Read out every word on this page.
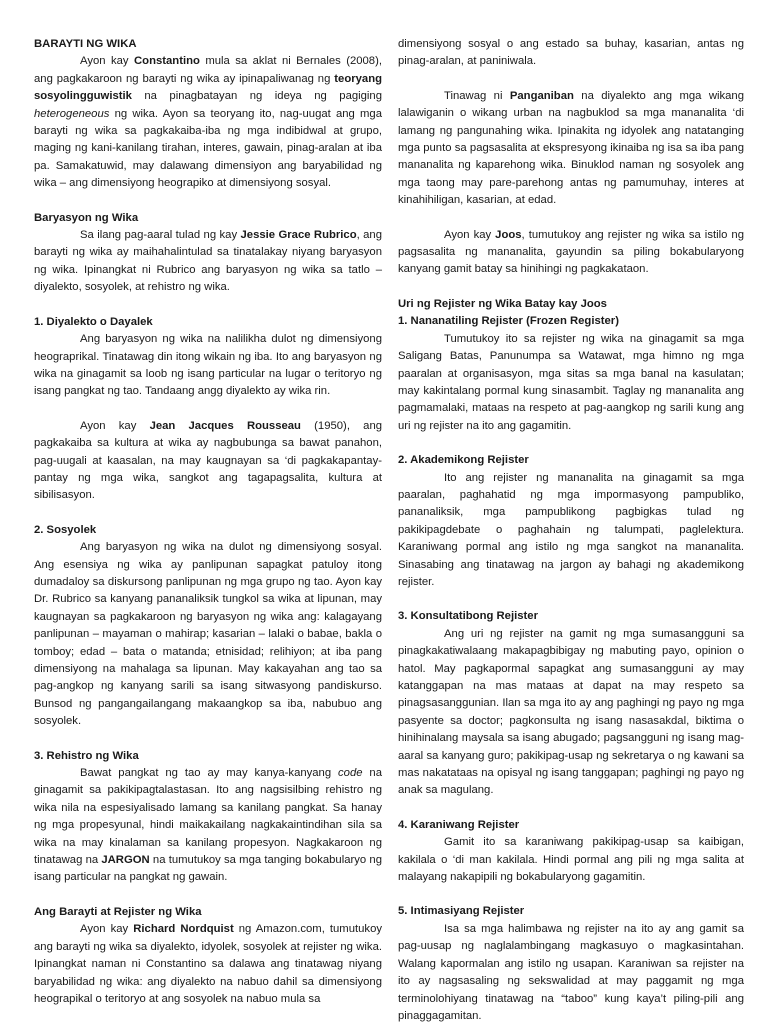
BARAYTI NG WIKA

Ayon kay Constantino mula sa aklat ni Bernales (2008), ang pagkakaroon ng barayti ng wika ay ipinapaliwanag ng teoryang sosyolingguwistik na pinagbatayan ng ideya ng pagiging heterogeneous ng wika. Ayon sa teoryang ito, nag-uugat ang mga barayti ng wika sa pagkakaiba-iba ng mga indibidwal at grupo, maging ng kani-kanilang tirahan, interes, gawain, pinag-aralan at iba pa. Samakatuwid, may dalawang dimensiyon ang baryabilidad ng wika – ang dimensiyong heograpiko at dimensiyong sosyal.

Baryasyon ng Wika

Sa ilang pag-aaral tulad ng kay Jessie Grace Rubrico, ang barayti ng wika ay maihahalintulad sa tinatalakay niyang baryasyon ng wika. Ipinangkat ni Rubrico ang baryasyon ng wika sa tatlo – diyalekto, sosyolek, at rehistro ng wika.

1. Diyalekto o Dayalek

Ang baryasyon ng wika na nalilikha dulot ng dimensiyong heograprikal. Tinatawag din itong wikain ng iba. Ito ang baryasyon ng wika na ginagamit sa loob ng isang particular na lugar o teritoryo ng isang pangkat ng tao. Tandaang angg diyalekto ay wika rin.

Ayon kay Jean Jacques Rousseau (1950), ang pagkakaiba sa kultura at wika ay nagbubunga sa bawat panahon, pag-uugali at kaasalan, na may kaugnayan sa ‘di pagkakapantay-pantay ng mga wika, sangkot ang tagapagsalita, kultura at sibilisasyon.

2. Sosyolek

Ang baryasyon ng wika na dulot ng dimensiyong sosyal. Ang esensiya ng wika ay panlipunan sapagkat patuloy itong dumadaloy sa diskursong panlipunan ng mga grupo ng tao. Ayon kay Dr. Rubrico sa kanyang pananaliksik tungkol sa wika at lipunan, may kaugnayan sa pagkakaroon ng baryasyon ng wika ang: kalagayang panlipunan – mayaman o mahirap; kasarian – lalaki o babae, bakla o tomboy; edad – bata o matanda; etnisidad; relihiyon; at iba pang dimensiyong na mahalaga sa lipunan. May kakayahan ang tao sa pag-angkop ng kanyang sarili sa isang sitwasyong pandiskurso. Bunsod ng pangangailangang makaangkop sa iba, nabubuo ang sosyolek.

3. Rehistro ng Wika

Bawat pangkat ng tao ay may kanya-kanyang code na ginagamit sa pakikipagtalastasan. Ito ang nagsisilbing rehistro ng wika nila na espesiyalisado lamang sa kanilang pangkat. Sa hanay ng mga propesyunal, hindi maikakailang nagkakaintindihan sila sa wika na may kinalaman sa kanilang propesyon. Nagkakaroon ng tinatawag na JARGON na tumutukoy sa mga tanging bokabularyo ng isang particular na pangkat ng gawain.

Ang Barayti at Rejister ng Wika

Ayon kay Richard Nordquist ng Amazon.com, tumutukoy ang barayti ng wika sa diyalekto, idyolek, sosyolek at rejister ng wika. Ipinangkat naman ni Constantino sa dalawa ang tinatawag niyang baryabilidad ng wika: ang diyalekto na nabuo dahil sa dimensiyong heograpikal o teritoryo at ang sosyolek na nabuo mula sa

dimensiyong sosyal o ang estado sa buhay, kasarian, antas ng pinag-aralan, at paniniwala.

Tinawag ni Panganiban na diyalekto ang mga wikang lalawiganin o wikang urban na nagbuklod sa mga mananalita ‘di lamang ng pangunahing wika. Ipinakita ng idyolek ang natatanging mga punto sa pagsasalita at ekspresyong ikinaiba ng isa sa iba pang mananalita ng kaparehong wika. Binuklod naman ng sosyolek ang mga taong may pare-parehong antas ng pamumuhay, interes at kinahihiligan, kasarian, at edad.

Ayon kay Joos, tumutukoy ang rejister ng wika sa istilo ng pagsasalita ng mananalita, gayundin sa piling bokabularyong kanyang gamit batay sa hinihingi ng pagkakataon.

Uri ng Rejister ng Wika Batay kay Joos
1. Nananatiling Rejister (Frozen Register)

Tumutukoy ito sa rejister ng wika na ginagamit sa mga Saligang Batas, Panunumpa sa Watawat, mga himno ng mga paaralan at organisasyon, mga sitas sa mga banal na kasulatan; may kakintalang pormal kung sinasambit. Taglay ng mananalita ang pagmamalaki, mataas na respeto at pag-aangkop ng sarili kung ang uri ng rejister na ito ang gagamitin.

2. Akademikong Rejister

Ito ang rejister ng mananalita na ginagamit sa mga paaralan, paghahatid ng mga impormasyong pampubliko, pananaliksik, mga pampublikong pagbigkas tulad ng pakikipagdebate o paghahain ng talumpati, paglelektura. Karaniwang pormal ang istilo ng mga sangkot na mananalita. Sinasabing ang tinatawag na jargon ay bahagi ng akademikong rejister.

3. Konsultatibong Rejister

Ang uri ng rejister na gamit ng mga sumasangguni sa pinagkakatiwalaang makapagbibigay ng mabuting payo, opinion o hatol. May pagkapormal sapagkat ang sumasangguni ay may katanggapan na mas mataas at dapat na may respeto sa pinagsasanggunian. Ilan sa mga ito ay ang paghingi ng payo ng mga pasyente sa doctor; pagkonsulta ng isang nasasakdal, biktima o hinihinalang maysala sa isang abugado; pagsangguni ng isang mag-aaral sa kanyang guro; pakikipag-usap ng sekretarya o ng kawani sa mas nakatataas na opisyal ng isang tanggapan; paghingi ng payo ng anak sa magulang.

4. Karaniwang Rejister

Gamit ito sa karaniwang pakikipag-usap sa kaibigan, kakilala o ‘di man kakilala. Hindi pormal ang pili ng mga salita at malayang nakapipili ng bokabularyong gagamitin.

5. Intimasiyang Rejister

Isa sa mga halimbawa ng rejister na ito ay ang gamit sa pag-uusap ng naglalambingang magkasuyo o magkasintahan. Walang kapormalan ang istilo ng usapan. Karaniwan sa rejister na ito ay nagsasaling ng sekswalidad at may paggamit ng mga terminolohiyang tinatawag na “taboo” kung kaya’t piling-pili ang pinaggagamitan.
